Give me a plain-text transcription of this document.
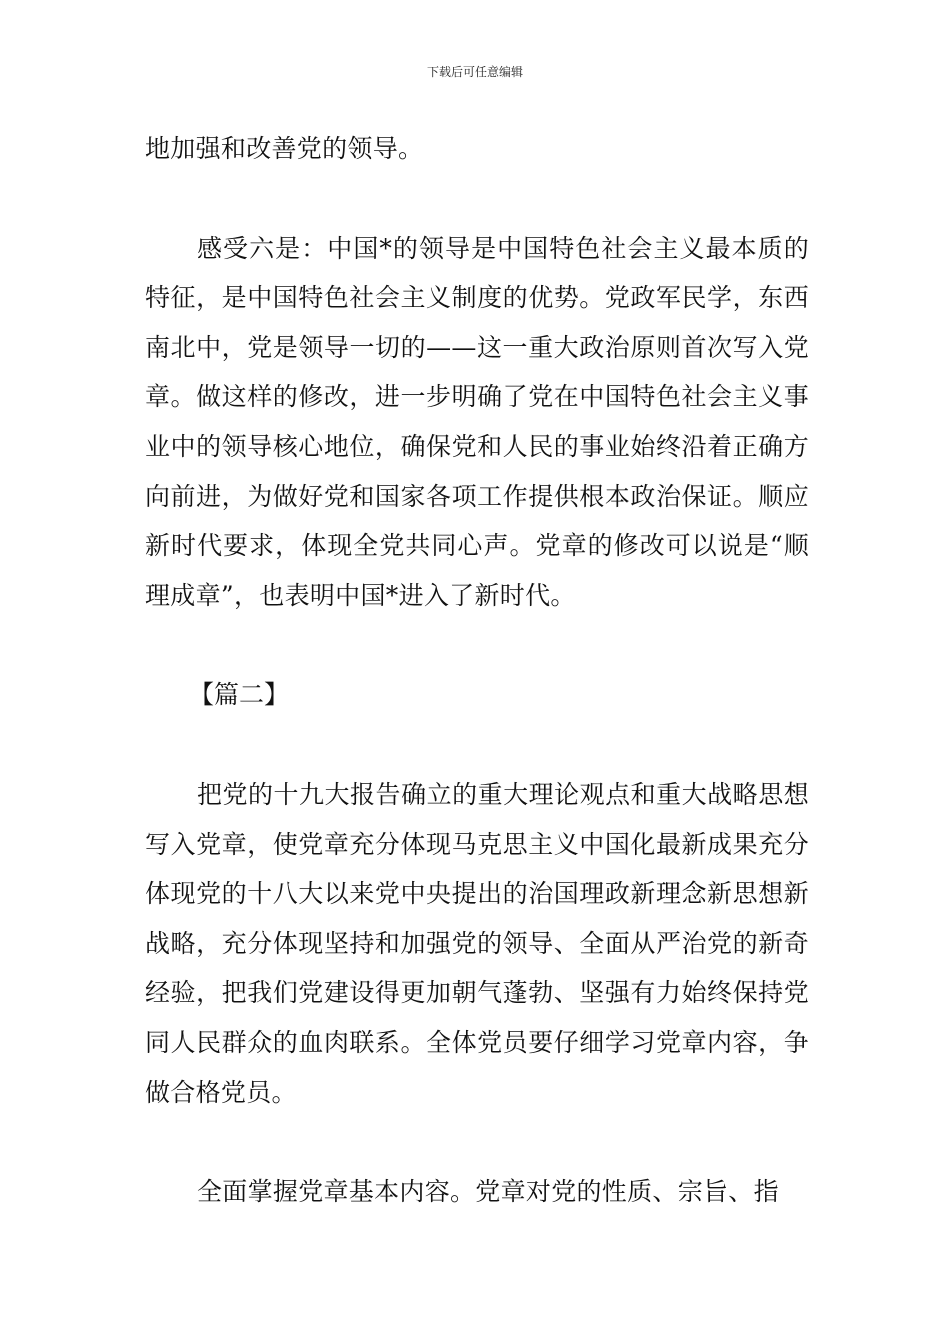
下载后可任意编辑

地加强和改善党的领导。

感受六是：中国*的领导是中国特色社会主义最本质的特征，是中国特色社会主义制度的优势。党政军民学，东西南北中，党是领导一切的——这一重大政治原则首次写入党章。做这样的修改，进一步明确了党在中国特色社会主义事业中的领导核心地位，确保党和人民的事业始终沿着正确方向前进，为做好党和国家各项工作提供根本政治保证。顺应新时代要求，体现全党共同心声。党章的修改可以说是“顺理成章”，也表明中国*进入了新时代。

【篇二】

把党的十九大报告确立的重大理论观点和重大战略思想写入党章，使党章充分体现马克思主义中国化最新成果充分体现党的十八大以来党中央提出的治国理政新理念新思想新战略，充分体现坚持和加强党的领导、全面从严治党的新奇经验，把我们党建设得更加朝气蓬勃、坚强有力始终保持党同人民群众的血肉联系。全体党员要仔细学习党章内容，争做合格党员。

全面掌握党章基本内容。党章对党的性质、宗旨、指
